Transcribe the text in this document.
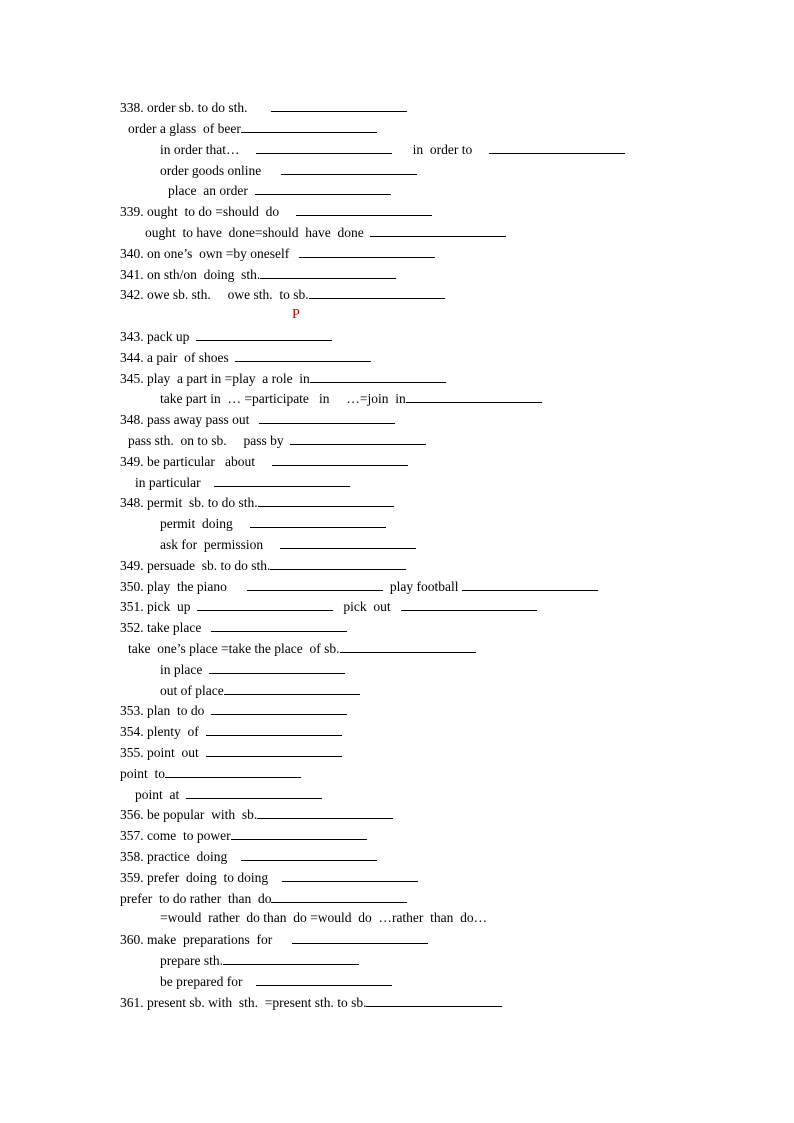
338. order sb. to do sth.
order a glass  of beer
in order that…	in  order to
order goods online
place  an order
339. ought  to do =should  do
ought  to have  done=should  have  done
340. on one’s  own =by oneself
341. on sth/on  doing  sth.
342. owe sb. sth.     owe sth.  to sb.
P
343. pack up
344. a pair  of shoes
345. play  a part in =play  a role  in
take part in  … =participate   in     …=join  in
348. pass away pass out
pass sth.  on to sb.     pass by
349. be particular   about
in particular
348. permit  sb. to do sth.
permit  doing
ask for  permission
349. persuade  sb. to do sth.
350. play  the piano	play football
351. pick  up	pick  out
352. take place
take  one’s place =take the place  of sb.
in place
out of place
353. plan  to do
354. plenty  of
355. point  out
point  to
point  at
356. be popular  with  sb.
357. come  to power
358. practice  doing
359. prefer  doing  to doing
prefer  to do rather  than  do
=would  rather  do than  do =would  do  …rather  than  do…
360. make  preparations  for
prepare sth.
be prepared for
361. present sb. with  sth.  =present sth. to sb.
